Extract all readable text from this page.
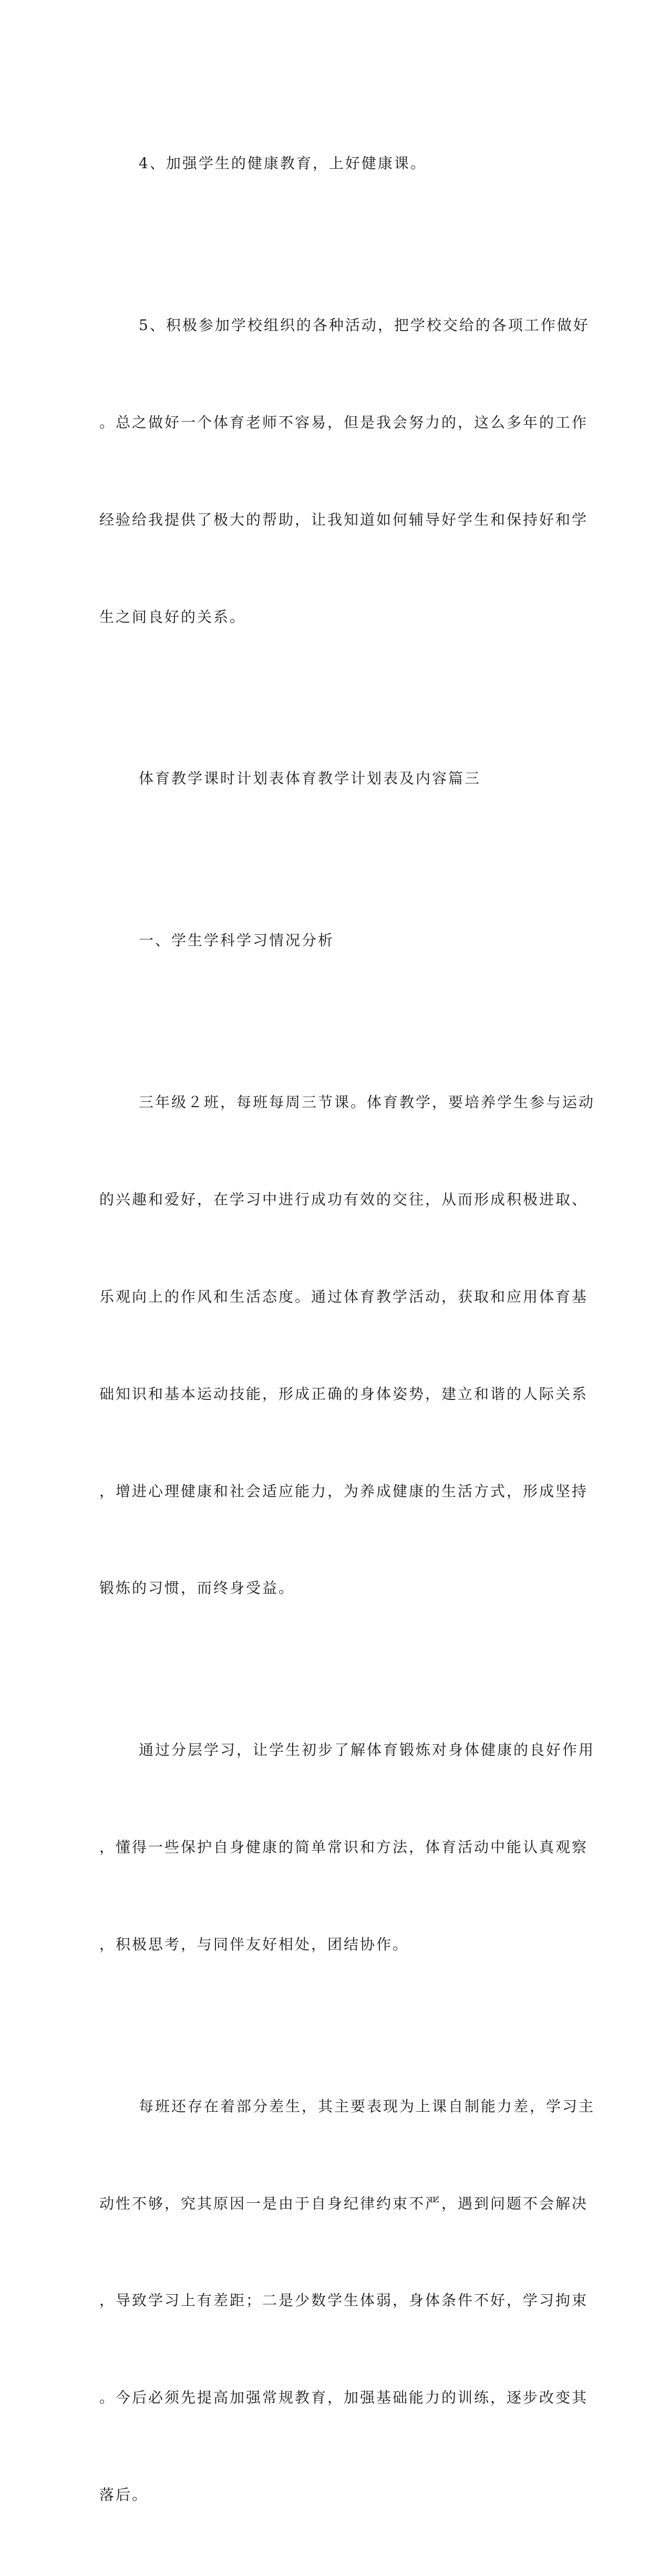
4、加强学生的健康教育，上好健康课。

5、积极参加学校组织的各种活动，把学校交给的各项工作做好

。总之做好一个体育老师不容易，但是我会努力的，这么多年的工作

经验给我提供了极大的帮助，让我知道如何辅导好学生和保持好和学

生之间良好的关系。

体育教学课时计划表体育教学计划表及内容篇三

一、学生学科学习情况分析

三年级２班，每班每周三节课。体育教学，要培养学生参与运动

的兴趣和爱好，在学习中进行成功有效的交往，从而形成积极进取、

乐观向上的作风和生活态度。通过体育教学活动，获取和应用体育基

础知识和基本运动技能，形成正确的身体姿势，建立和谐的人际关系

，增进心理健康和社会适应能力，为养成健康的生活方式，形成坚持

锻炼的习惯，而终身受益。

通过分层学习，让学生初步了解体育锻炼对身体健康的良好作用

，懂得一些保护自身健康的简单常识和方法，体育活动中能认真观察

，积极思考，与同伴友好相处，团结协作。

每班还存在着部分差生，其主要表现为上课自制能力差，学习主

动性不够，究其原因一是由于自身纪律约束不严，遇到问题不会解决

，导致学习上有差距；二是少数学生体弱，身体条件不好，学习拘束

。今后必须先提高加强常规教育，加强基础能力的训练，逐步改变其

落后。
